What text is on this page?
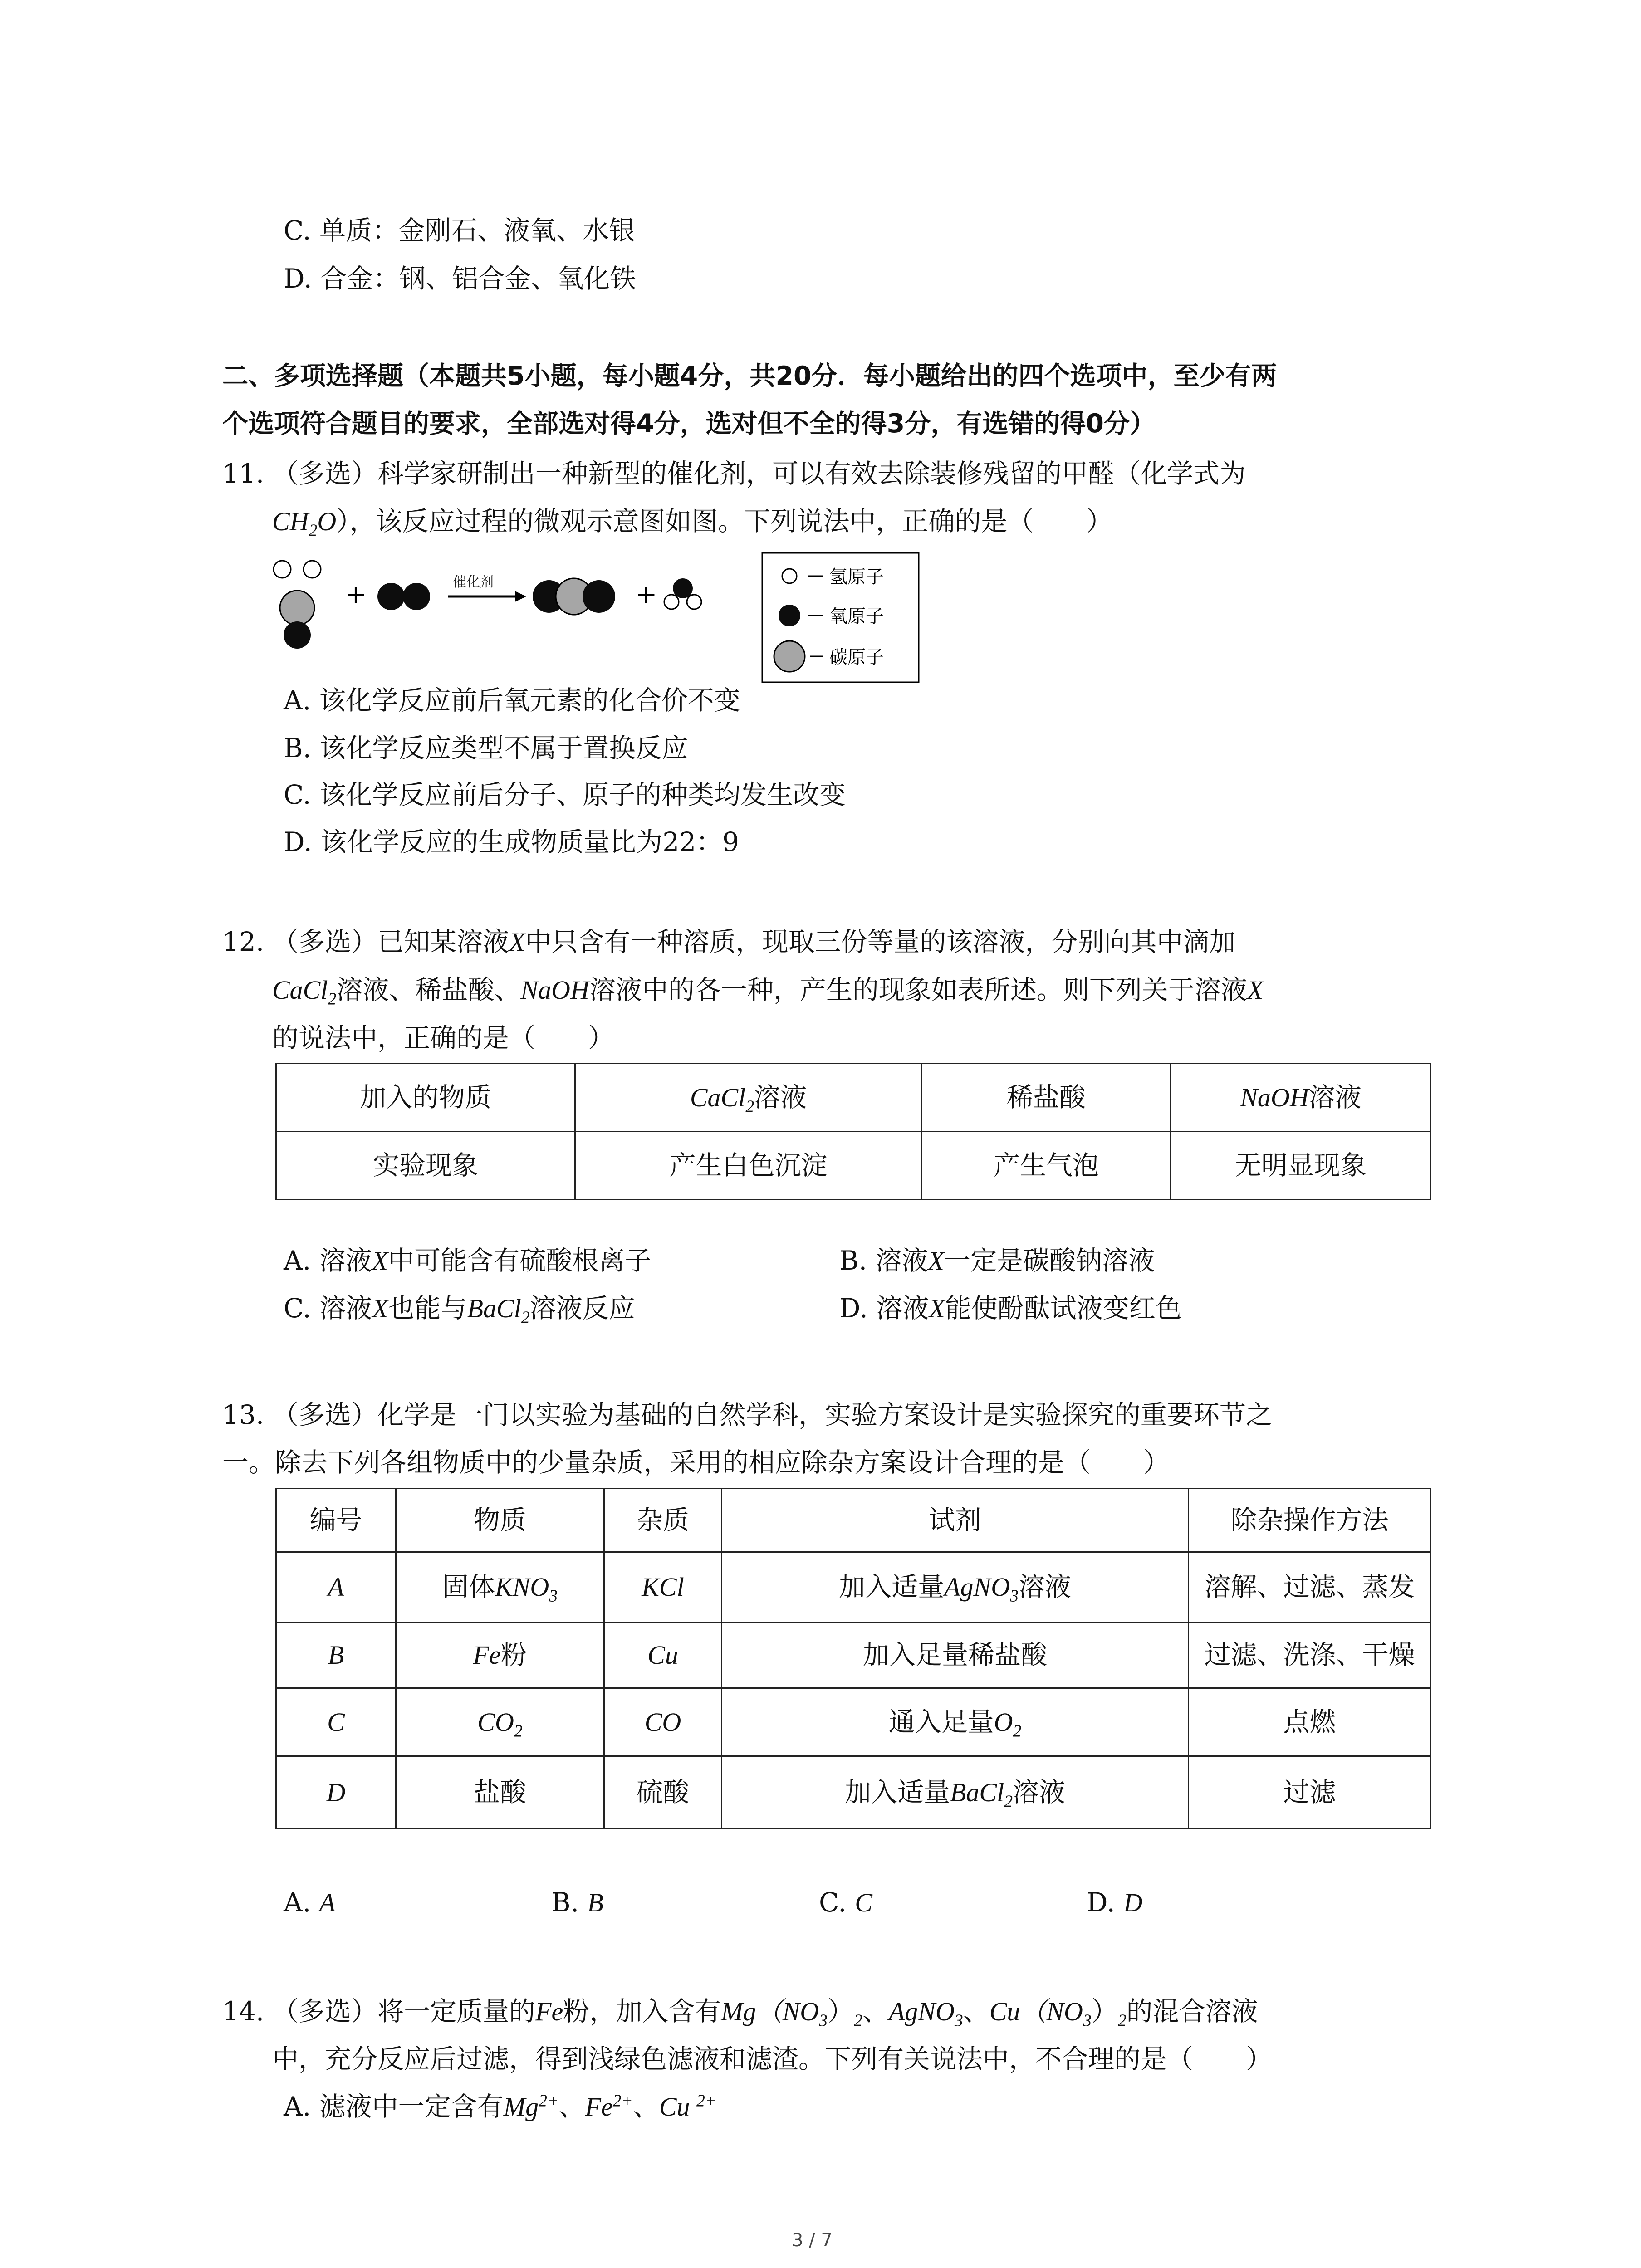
C. 单质：金刚石、液氧、水银
D. 合金：钢、铝合金、氧化铁
二、多项选择题（本题共5小题，每小题4分，共20分．每小题给出的四个选项中，至少有两
个选项符合题目的要求，全部选对得4分，选对但不全的得3分，有选错的得0分）
11. （多选）科学家研制出一种新型的催化剂，可以有效去除装修残留的甲醛（化学式为
$CH_2O$），该反应过程的微观示意图如图。下列说法中，正确的是（　　）
+	催化剂	+
氢原子
氧原子
碳原子
A. 该化学反应前后氧元素的化合价不变
B. 该化学反应类型不属于置换反应
C. 该化学反应前后分子、原子的种类均发生改变
D. 该化学反应的生成物质量比为22：9
12. （多选）已知某溶液X中只含有一种溶质，现取三份等量的该溶液，分别向其中滴加
CaCl$_2$溶液、稀盐酸、NaOH溶液中的各一种，产生的现象如表所述。则下列关于溶液X
的说法中，正确的是（　　）
加入的物质	CaCl$_2$溶液	稀盐酸	NaOH溶液
实验现象	产生白色沉淀	产生气泡	无明显现象
A. 溶液X中可能含有硫酸根离子	B. 溶液X一定是碳酸钠溶液
C. 溶液X也能与BaCl$_2$溶液反应	D. 溶液X能使酚酞试液变红色
13. （多选）化学是一门以实验为基础的自然学科，实验方案设计是实验探究的重要环节之
一。除去下列各组物质中的少量杂质，采用的相应除杂方案设计合理的是（　　）
编号	物质	杂质	试剂	除杂操作方法
A	固体$KNO_3$	KCl	加入适量AgNO$_3$溶液	溶解、过滤、蒸发
B	Fe粉	Cu	加入足量稀盐酸	过滤、洗涤、干燥
C	$CO_2$	CO	通入足量$O_2$	点燃
D	盐酸	硫酸	加入适量BaCl$_2$溶液	过滤
A. A	B. B	C. C	D. D
14. （多选）将一定质量的Fe粉，加入含有$Mg(NO_3)_2$、AgNO$_3$、$Cu(NO_3)_2$的混合溶液
中，充分反应后过滤，得到浅绿色滤液和滤渣。下列有关说法中，不合理的是（　　）
A. 滤液中一定含有$Mg^{2+}$、$Fe^{2+}$、Cu $^{2+}$
3 / 7
